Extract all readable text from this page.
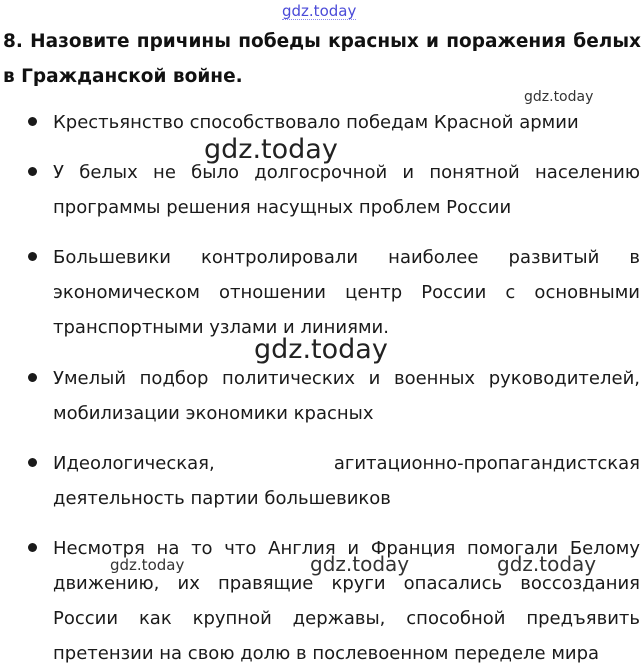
gdz.today
8. Назовите причины победы красных и поражения белых в Гражданской войне.
gdz.today
Крестьянство способствовало победам Красной армии
У белых не было долгосрочной и понятной населению программы решения насущных проблем России
Большевики контролировали наиболее развитый в экономическом отношении центр России с основными транспортными узлами и линиями.
Умелый подбор политических и военных руководителей, мобилизации экономики красных
Идеологическая, агитационно-пропагандистская деятельность партии большевиков
Несмотря на то что Англия и Франция помогали Белому движению, их правящие круги опасались воссоздания России как крупной державы, способной предъявить претензии на свою долю в послевоенном переделе мира
gdz.today
gdz.today
gdz.today	gdz.today	gdz.today
